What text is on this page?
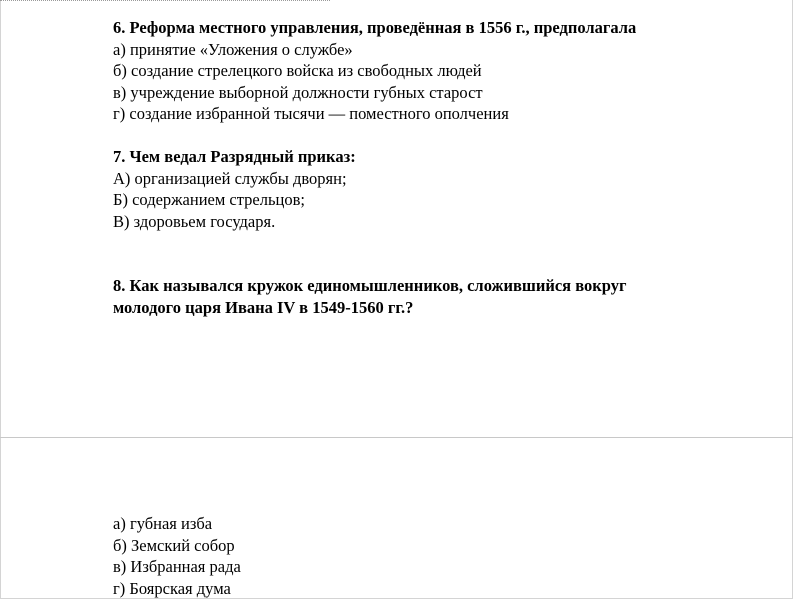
6. Реформа местного управления, проведённая в 1556 г., предполагала
а) принятие «Уложения о службе»
б) создание стрелецкого войска из свободных людей
в) учреждение выборной должности губных старост
г) создание избранной тысячи — поместного ополчения
7. Чем ведал Разрядный приказ:
А) организацией службы дворян;
Б) содержанием стрельцов;
В) здоровьем государя.
8. Как назывался кружок единомышленников, сложившийся вокруг
молодого царя Ивана IV в 1549-1560 гг.?
а) губная изба
б) Земский собор
в) Избранная рада
г) Боярская дума
